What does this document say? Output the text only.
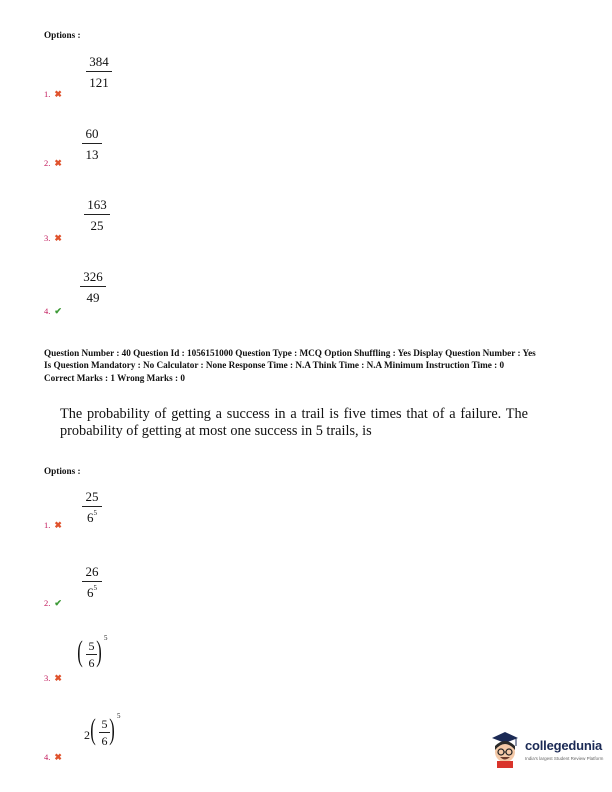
Options :
384
121
1. ✖
60
13
2. ✖
163
25
3. ✖
326
49
4. ✔
Question Number : 40 Question Id : 1056151000 Question Type : MCQ Option Shuffling : Yes Display Question Number : Yes
Is Question Mandatory : No Calculator : None Response Time : N.A Think Time : N.A Minimum Instruction Time : 0
Correct Marks : 1 Wrong Marks : 0
The probability of getting a success in a trail is five times that of a failure. The probability of getting at most one success in 5 trails, is
Options :
25
$6^5$
1. ✖
26
$6^5$
2. ✔
( 5
6 ) 5
3. ✖
2 ( 5
6 ) 5
4. ✖
collegedunia
India's largest Student Review Platform
